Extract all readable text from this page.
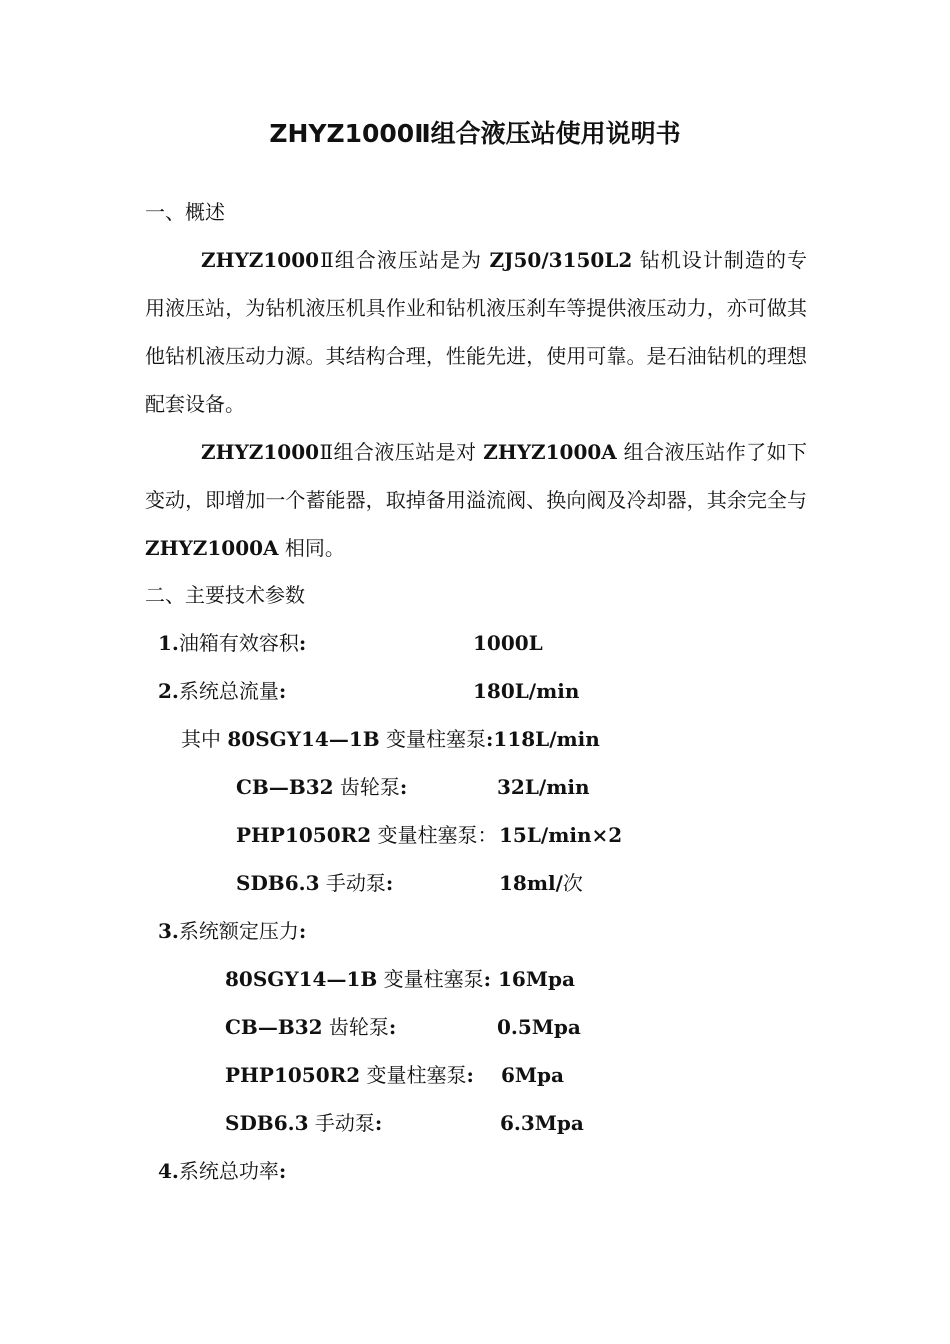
ZHYZ1000Ⅱ组合液压站使用说明书
一、概述

ZHYZ1000Ⅱ组合液压站是为 ZJ50/3150L2 钻机设计制造的专用液压站，为钻机液压机具作业和钻机液压刹车等提供液压动力，亦可做其他钻机液压动力源。其结构合理，性能先进，使用可靠。是石油钻机的理想配套设备。

ZHYZ1000Ⅱ组合液压站是对 ZHYZ1000A 组合液压站作了如下变动，即增加一个蓄能器，取掉备用溢流阀、换向阀及冷却器，其余完全与 ZHYZ1000A 相同。

二、主要技术参数
1.油箱有效容积:	1000L
2.系统总流量:	180L/min
其中 80SGY14—1B 变量柱塞泵:118L/min
CB—B32 齿轮泵:	32L/min
PHP1050R2 变量柱塞泵： 15L/min×2
SDB6.3 手动泵:	18ml/次
3.系统额定压力:
80SGY14—1B 变量柱塞泵: 16Mpa
CB—B32 齿轮泵:	0.5Mpa
PHP1050R2 变量柱塞泵: 6Mpa
SDB6.3 手动泵:	6.3Mpa
4.系统总功率:
